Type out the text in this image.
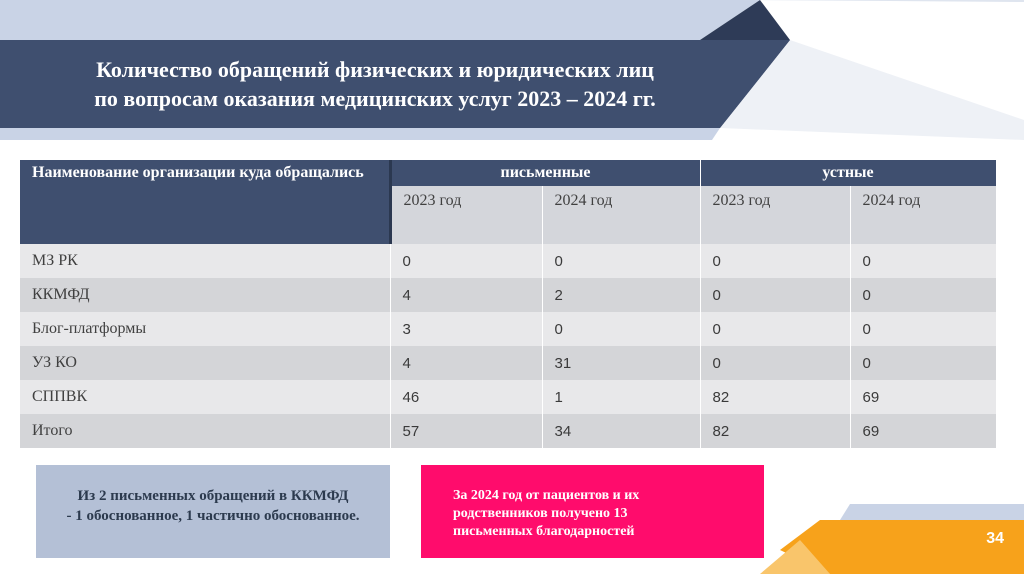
Количество обращений физических и юридических лиц
по вопросам оказания медицинских услуг 2023 – 2024 гг.
Наименование организации куда обращались	письменные		устные	
	2023 год	2024 год	2023 год	2024 год
МЗ РК	0	0	0	0
ККМФД	4	2	0	0
Блог-платформы	3	0	0	0
УЗ КО	4	31	0	0
СППВК	46	1	82	69
Итого	57	34	82	69
Из 2 письменных обращений в ККМФД
- 1 обоснованное, 1 частично обоснованное.
За 2024 год от пациентов и их
родственников получено 13
письменных благодарностей	34
